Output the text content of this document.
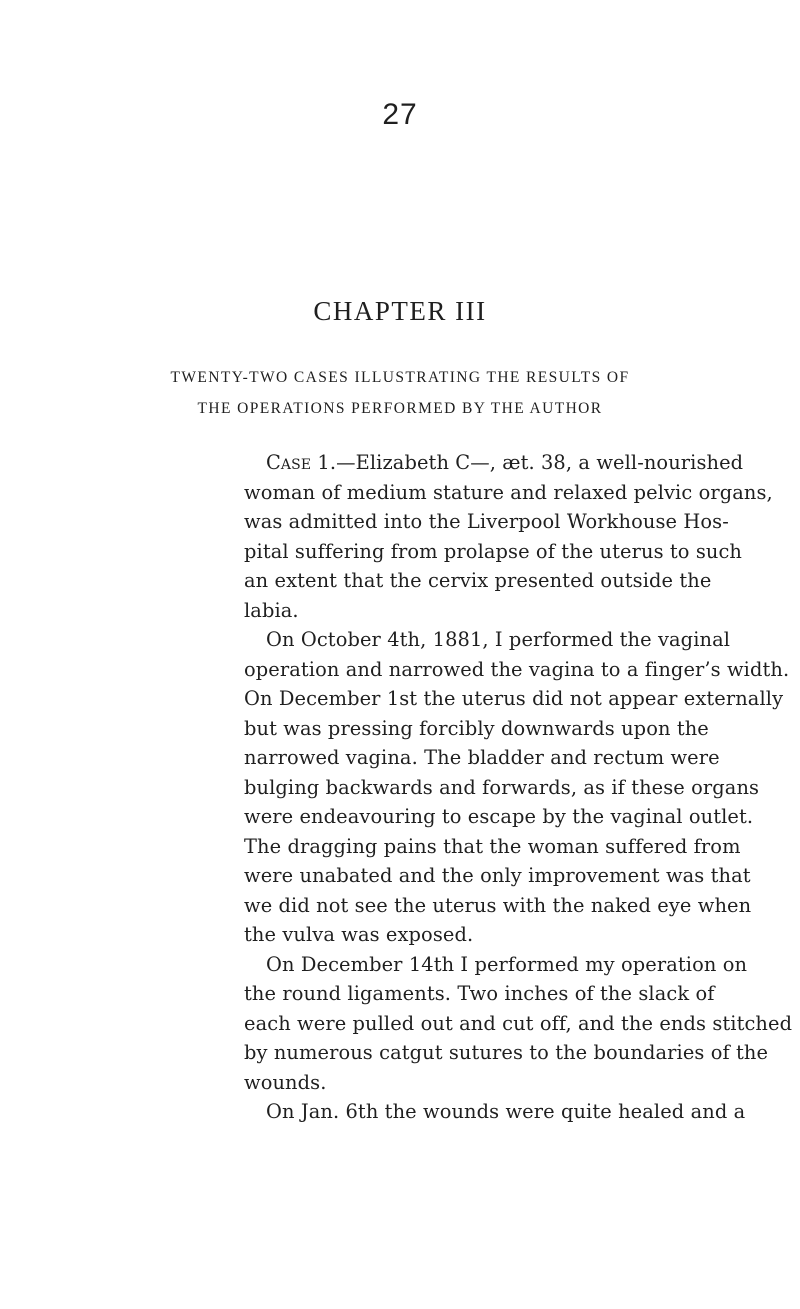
27
CHAPTER III
TWENTY-TWO CASES ILLUSTRATING THE RESULTS OF
THE OPERATIONS PERFORMED BY THE AUTHOR
Case 1.—Elizabeth C—, æt. 38, a well-nourished
woman of medium stature and relaxed pelvic organs,
was admitted into the Liverpool Workhouse Hos-
pital suffering from prolapse of the uterus to such
an extent that the cervix presented outside the
labia.
On October 4th, 1881, I performed the vaginal
operation and narrowed the vagina to a finger’s width.
On December 1st the uterus did not appear externally
but was pressing forcibly downwards upon the
narrowed vagina. The bladder and rectum were
bulging backwards and forwards, as if these organs
were endeavouring to escape by the vaginal outlet.
The dragging pains that the woman suffered from
were unabated and the only improvement was that
we did not see the uterus with the naked eye when
the vulva was exposed.
On December 14th I performed my operation on
the round ligaments. Two inches of the slack of
each were pulled out and cut off, and the ends stitched
by numerous catgut sutures to the boundaries of the
wounds.
On Jan. 6th the wounds were quite healed and a
